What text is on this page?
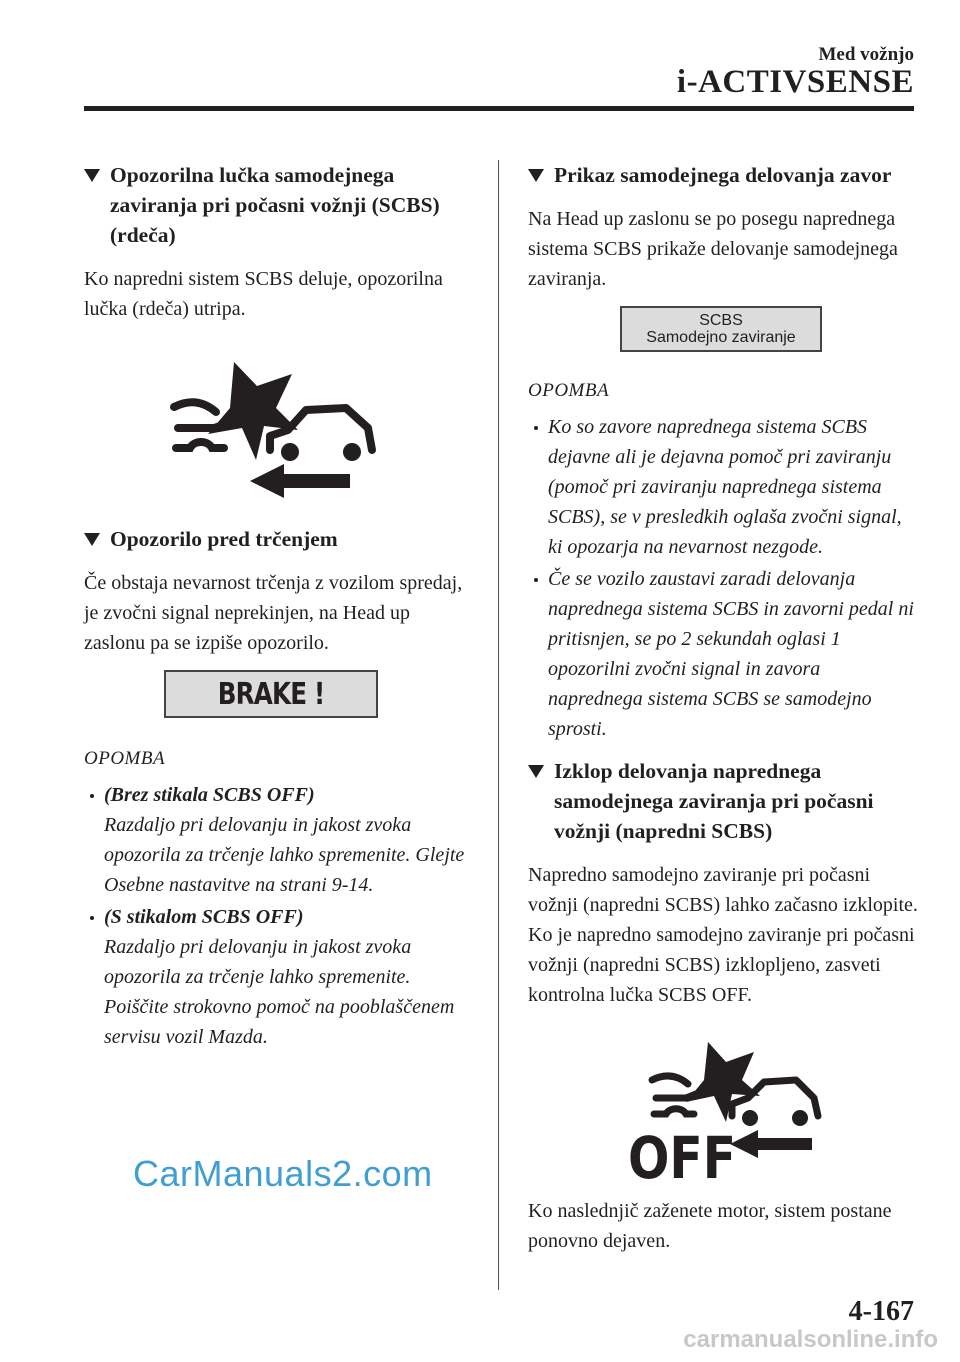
Med vožnjo
i-ACTIVSENSE
Opozorilna lučka samodejnega zaviranja pri počasni vožnji (SCBS) (rdeča)

Ko napredni sistem SCBS deluje, opozorilna lučka (rdeča) utripa.

Opozorilo pred trčenjem

Če obstaja nevarnost trčenja z vozilom spredaj, je zvočni signal neprekinjen, na Head up zaslonu pa se izpiše opozorilo.

BRAKE !
OPOMBA
(Brez stikala SCBS OFF)
Razdaljo pri delovanju in jakost zvoka opozorila za trčenje lahko spremenite. Glejte Osebne nastavitve na strani 9-14.
(S stikalom SCBS OFF)
Razdaljo pri delovanju in jakost zvoka opozorila za trčenje lahko spremenite. Poiščite strokovno pomoč na pooblaščenem servisu vozil Mazda.
Prikaz samodejnega delovanja zavor

Na Head up zaslonu se po posegu naprednega sistema SCBS prikaže delovanje samodejnega zaviranja.

SCBS
Samodejno zaviranje
OPOMBA
Ko so zavore naprednega sistema SCBS dejavne ali je dejavna pomoč pri zaviranju (pomoč pri zaviranju naprednega sistema SCBS), se v presledkih oglaša zvočni signal, ki opozarja na nevarnost nezgode.
Če se vozilo zaustavi zaradi delovanja naprednega sistema SCBS in zavorni pedal ni pritisnjen, se po 2 sekundah oglasi 1 opozorilni zvočni signal in zavora naprednega sistema SCBS se samodejno sprosti.
Izklop delovanja naprednega samodejnega zaviranja pri počasni vožnji (napredni SCBS)

Napredno samodejno zaviranje pri počasni vožnji (napredni SCBS) lahko začasno izklopite.

Ko je napredno samodejno zaviranje pri počasni vožnji (napredni SCBS) izklopljeno, zasveti kontrolna lučka SCBS OFF.

OFF

Ko naslednjič zaženete motor, sistem postane ponovno dejaven.

4-167
CarManuals2.com
carmanualsonline.info
